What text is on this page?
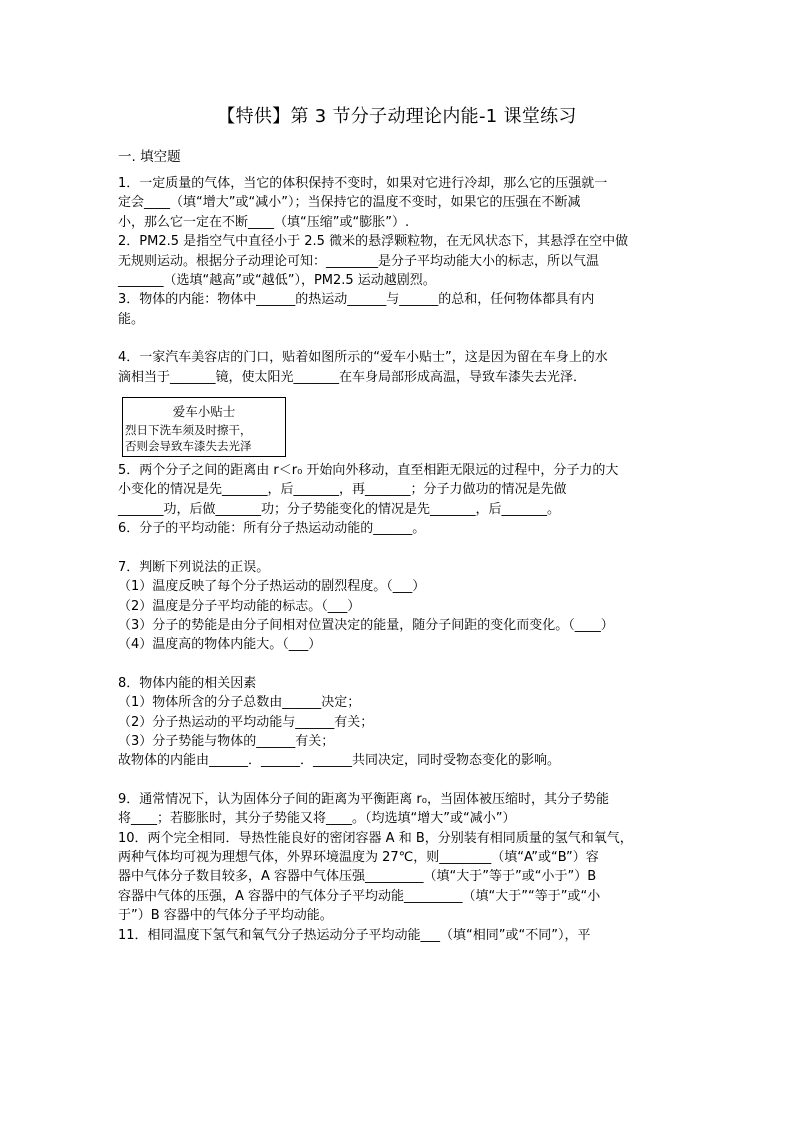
【特供】第 3 节分子动理论内能-1 课堂练习
一. 填空题

1．一定质量的气体，当它的体积保持不变时，如果对它进行冷却，那么它的压强就一

定会____（填“增大”或“减小”）；当保持它的温度不变时，如果它的压强在不断减

小，那么它一定在不断____（填“压缩”或“膨胀”）.

2．PM2.5 是指空气中直径小于 2.5 微米的悬浮颗粒物，在无风状态下，其悬浮在空中做

无规则运动。根据分子动理论可知：________是分子平均动能大小的标志，所以气温

_______（选填“越高”或“越低”），PM2.5 运动越剧烈。

3．物体的内能：物体中______的热运动______与______的总和，任何物体都具有内

能。

4．一家汽车美容店的门口，贴着如图所示的“爱车小贴士”，这是因为留在车身上的水

滴相当于_______镜，使太阳光_______在车身局部形成高温，导致车漆失去光泽．

爱车小贴士
烈日下洗车须及时擦干，
否则会导致车漆失去光泽

5．两个分子之间的距离由 r＜r₀ 开始向外移动，直至相距无限远的过程中，分子力的大

小变化的情况是先_______，后_______，再_______；分子力做功的情况是先做

_______功，后做_______功；分子势能变化的情况是先_______，后_______。

6．分子的平均动能：所有分子热运动动能的______。

7．判断下列说法的正误。

（1）温度反映了每个分子热运动的剧烈程度。（___）

（2）温度是分子平均动能的标志。（___）

（3）分子的势能是由分子间相对位置决定的能量，随分子间距的变化而变化。（____）

（4）温度高的物体内能大。（___）

8．物体内能的相关因素

（1）物体所含的分子总数由______决定；

（2）分子热运动的平均动能与______有关；

（3）分子势能与物体的______有关；

故物体的内能由______．______．______共同决定，同时受物态变化的影响。

9．通常情况下，认为固体分子间的距离为平衡距离 r₀，当固体被压缩时，其分子势能

将____；若膨胀时，其分子势能又将____。（均选填“增大”或“减小”）

10．两个完全相同．导热性能良好的密闭容器 A 和 B，分别装有相同质量的氢气和氧气，

两种气体均可视为理想气体，外界环境温度为 27℃，则________（填“A”或“B”）容

器中气体分子数目较多，A 容器中气体压强_________（填“大于”等于”或“小于”）B

容器中气体的压强，A 容器中的气体分子平均动能_________（填“大于”“等于”或“小

于”）B 容器中的气体分子平均动能。

11．相同温度下氢气和氧气分子热运动分子平均动能___（填“相同”或“不同”），平
